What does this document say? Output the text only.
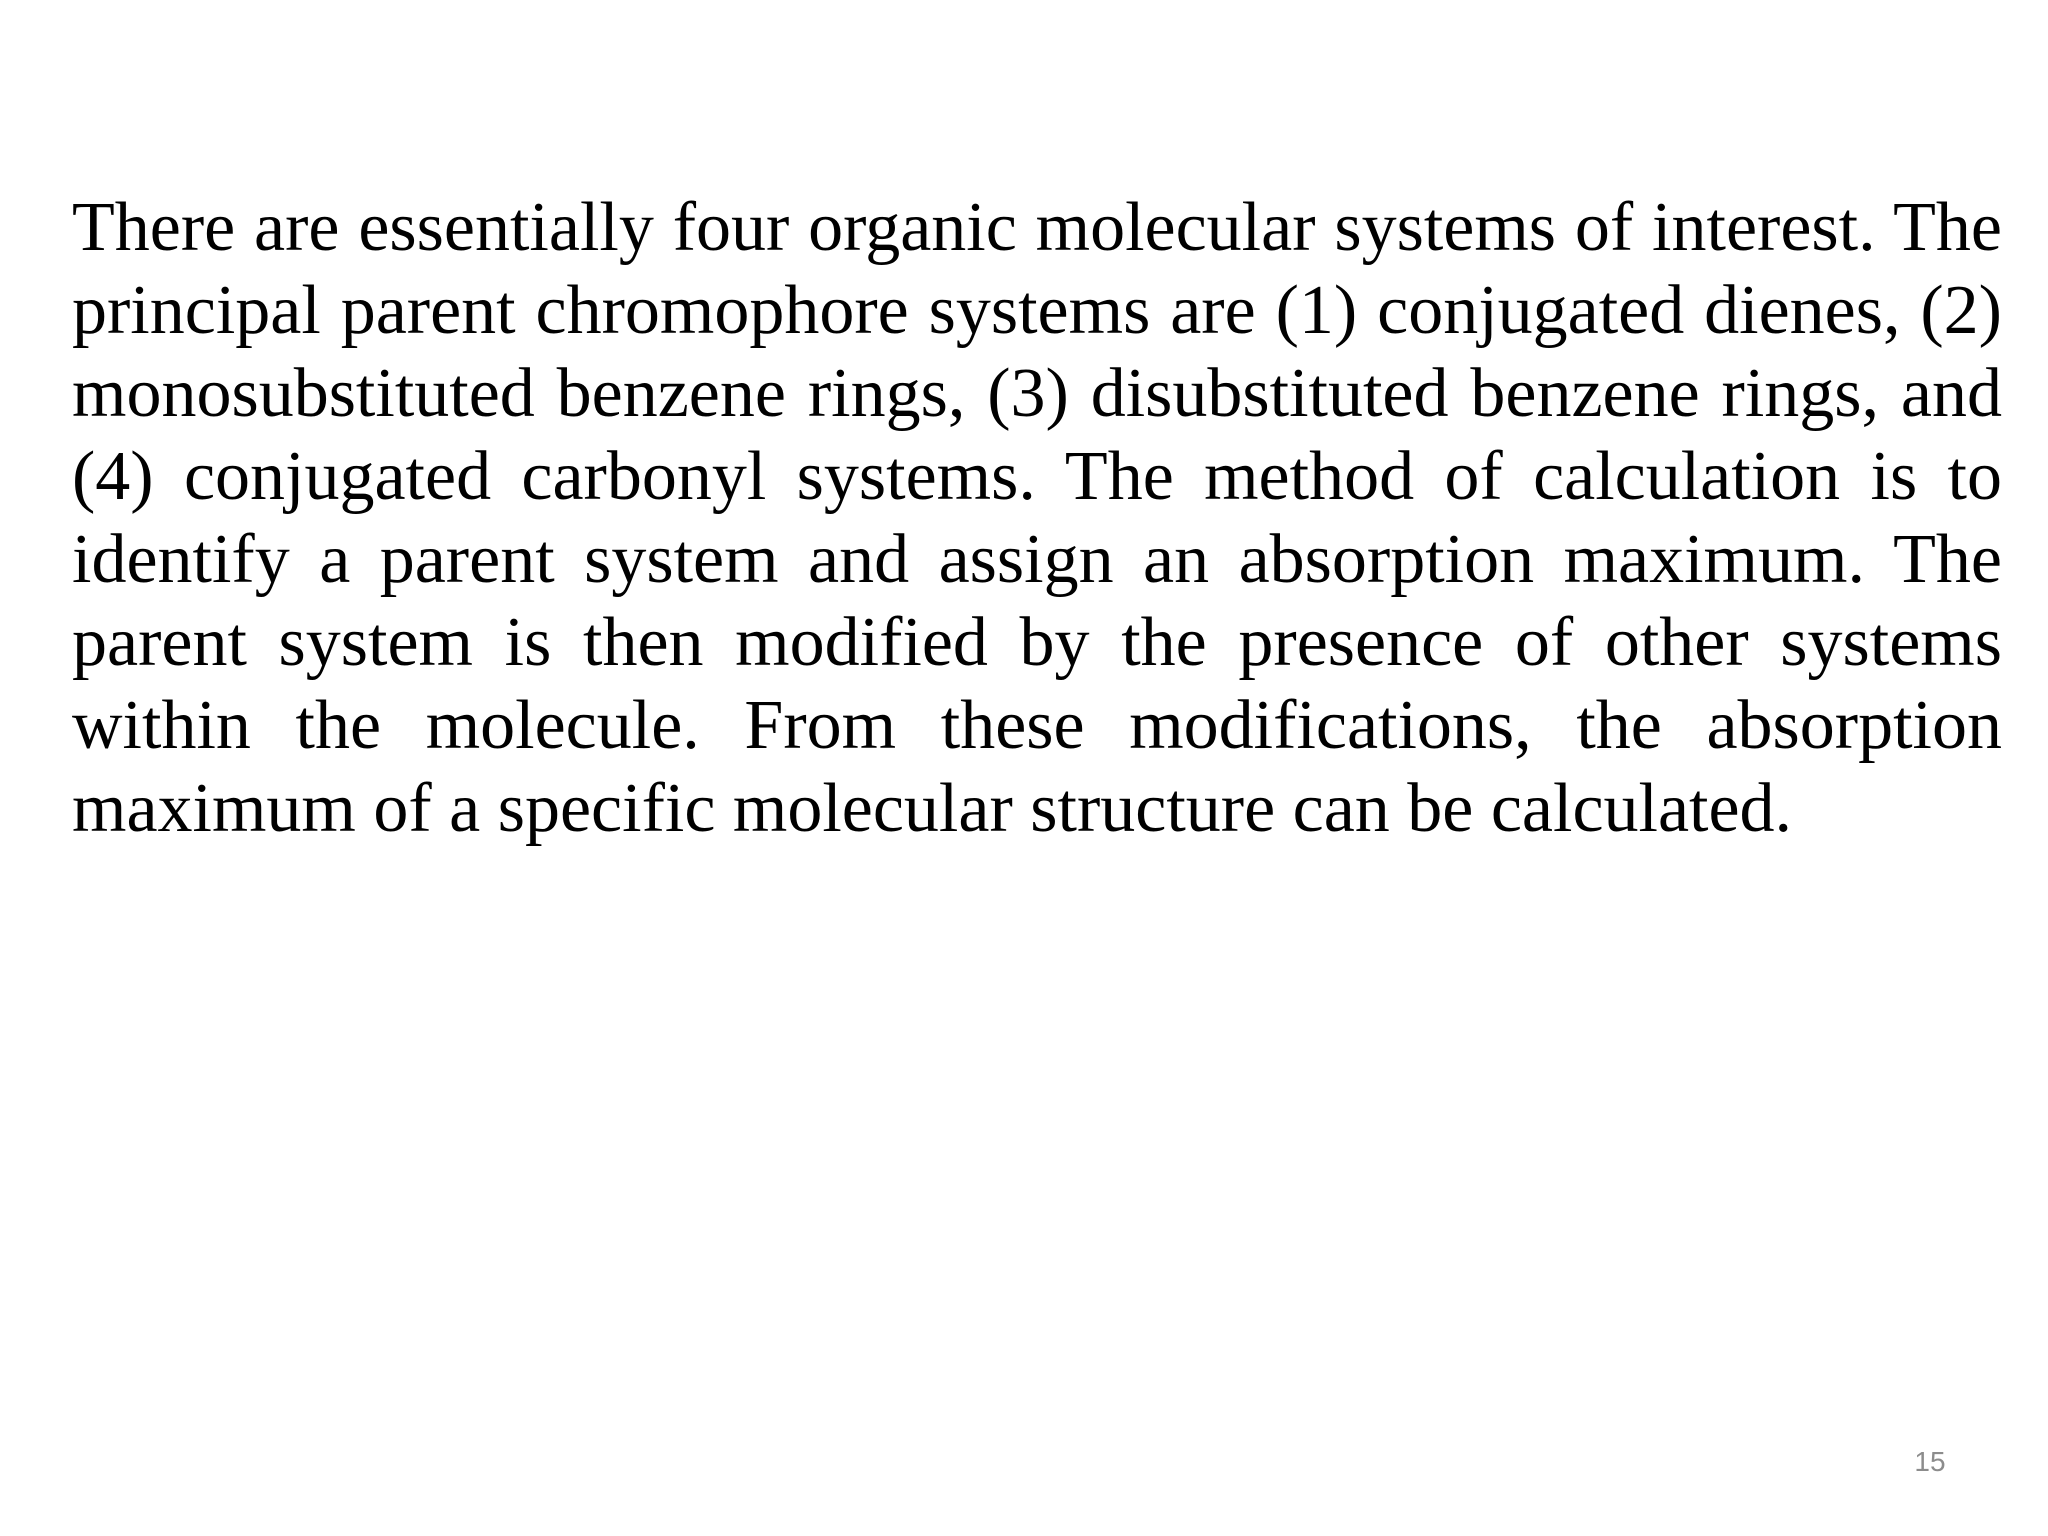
There are essentially four organic molecular systems of interest. The principal parent chromophore systems are (1) conjugated dienes, (2) monosubstituted benzene rings, (3) disubstituted benzene rings, and (4) conjugated carbonyl systems. The method of calculation is to identify a parent system and assign an absorption maximum. The parent system is then modified by the presence of other systems within the molecule. From these modifications, the absorption maximum of a specific molecular structure can be calculated.

15
